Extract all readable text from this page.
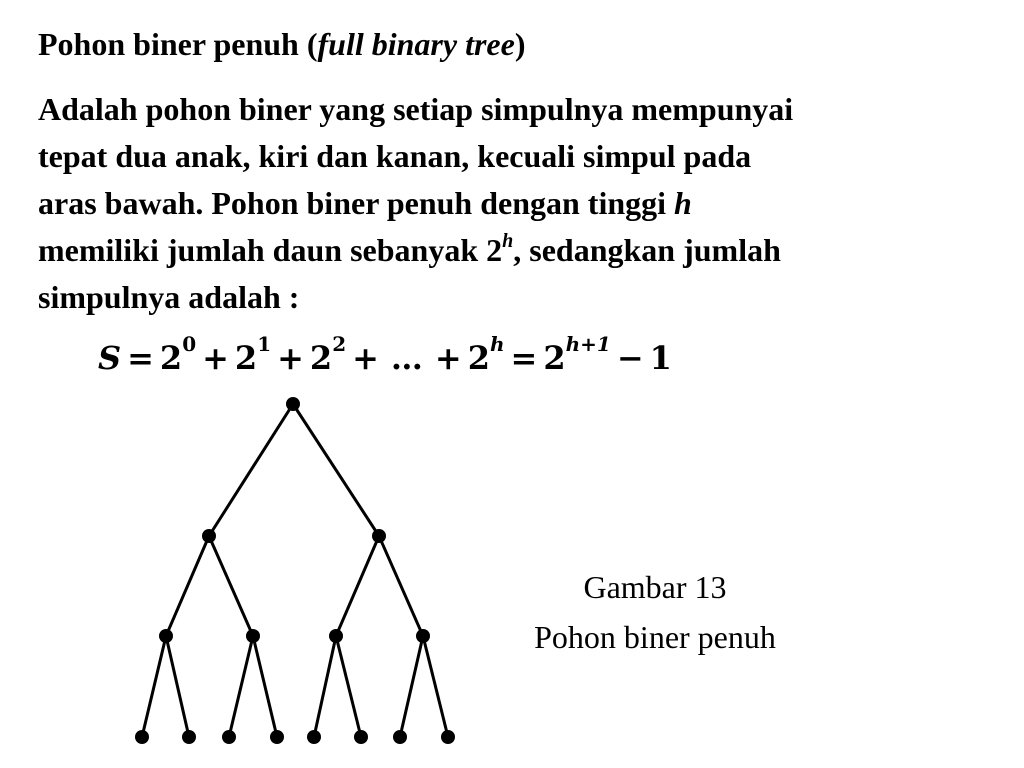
Pohon biner penuh (full binary tree)
Adalah pohon biner yang setiap simpulnya mempunyai
tepat dua anak, kiri dan kanan, kecuali simpul pada
aras bawah. Pohon biner penuh dengan tinggi h
memiliki jumlah daun sebanyak 2$^h$, sedangkan jumlah
simpulnya adalah :
$S = 2^0 + 2^1 + 2^2$ + … + $2^h = 2^{h+1} - 1$
Gambar 13
Pohon biner penuh
